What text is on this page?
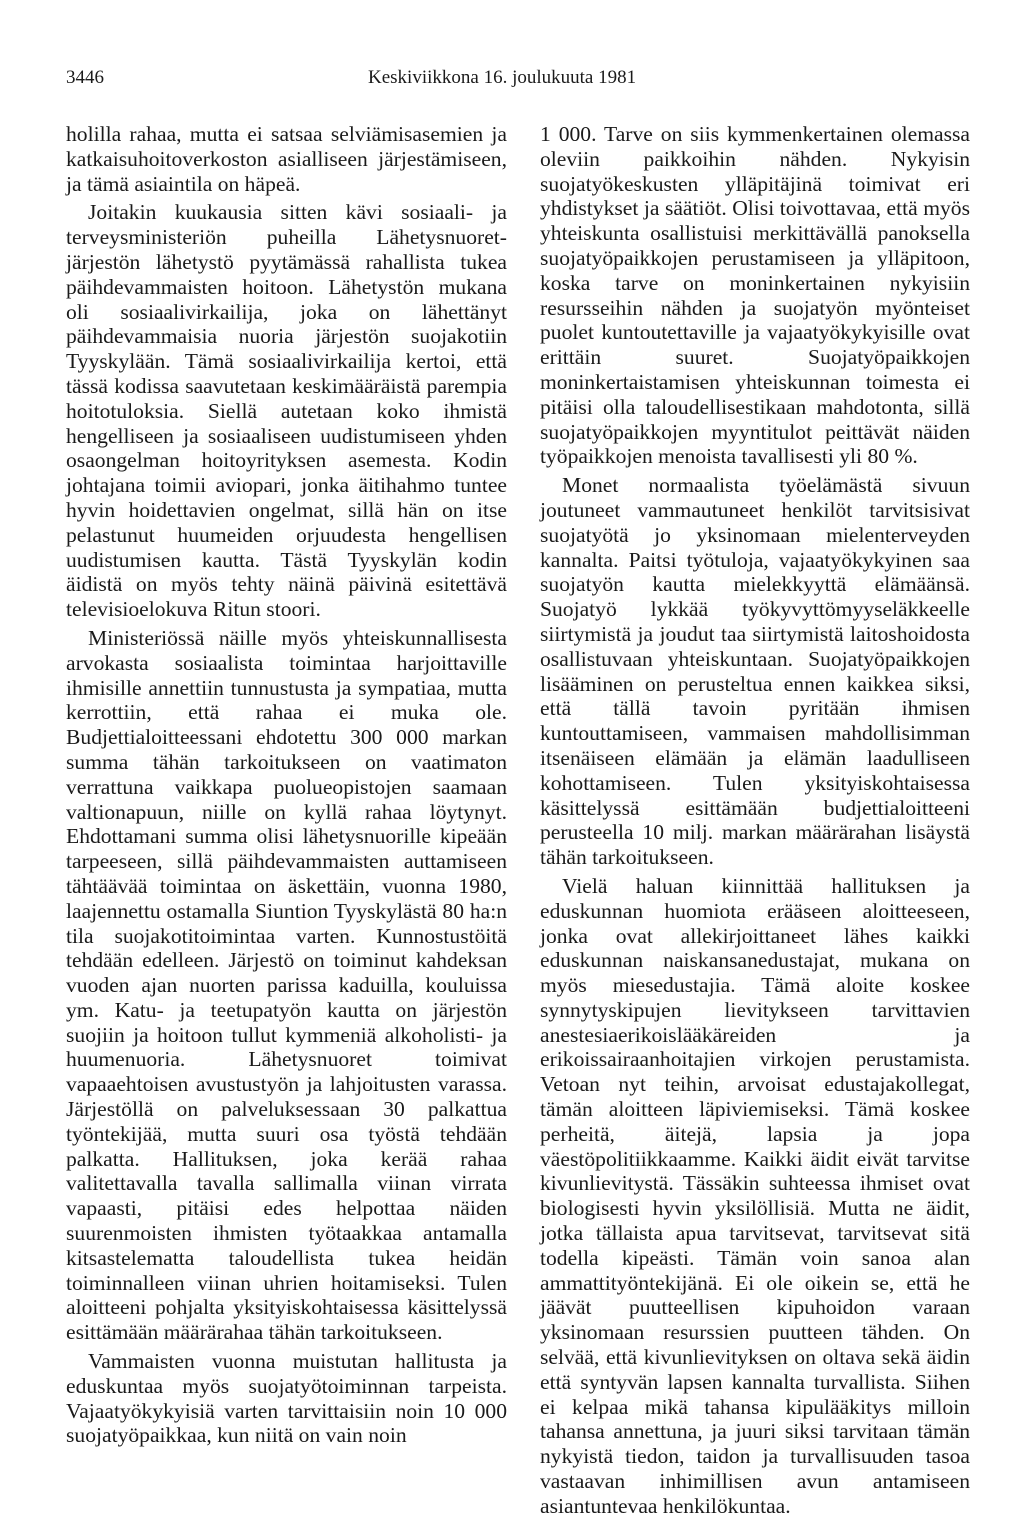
3446	Keskiviikkona 16. joulukuuta 1981

holilla rahaa, mutta ei satsaa selviämisasemien ja katkaisuhoitoverkoston asialliseen järjestämiseen, ja tämä asiaintila on häpeä.

Joitakin kuukausia sitten kävi sosiaali- ja terveysministeriön puheilla Lähetysnuoret-järjestön lähetystö pyytämässä rahallista tukea päihdevammaisten hoitoon. Lähetystön mukana oli sosiaalivirkailija, joka on lähettänyt päihdevammaisia nuoria järjestön suojakotiin Tyyskylään. Tämä sosiaalivirkailija kertoi, että tässä kodissa saavutetaan keskimääräistä parempia hoitotuloksia. Siellä autetaan koko ihmistä hengelliseen ja sosiaaliseen uudistumiseen yhden osaongelman hoitoyrityksen asemesta. Kodin johtajana toimii aviopari, jonka äitihahmo tuntee hyvin hoidettavien ongelmat, sillä hän on itse pelastunut huumeiden orjuudesta hengellisen uudistumisen kautta. Tästä Tyyskylän kodin äidistä on myös tehty näinä päivinä esitettävä televisioelokuva Ritun stoori.

Ministeriössä näille myös yhteiskunnallisesta arvokasta sosiaalista toimintaa harjoittaville ihmisille annettiin tunnustusta ja sympatiaa, mutta kerrottiin, että rahaa ei muka ole. Budjettialoitteessani ehdotettu 300 000 markan summa tähän tarkoitukseen on vaatimaton verrattuna vaikkapa puolueopistojen saamaan valtionapuun, niille on kyllä rahaa löytynyt. Ehdottamani summa olisi lähetysnuorille kipeään tarpeeseen, sillä päihdevammaisten auttamiseen tähtäävää toimintaa on äskettäin, vuonna 1980, laajennettu ostamalla Siuntion Tyyskylästä 80 ha:n tila suojakotitoimintaa varten. Kunnostustöitä tehdään edelleen. Järjestö on toiminut kahdeksan vuoden ajan nuorten parissa kaduilla, kouluissa ym. Katu- ja teetupatyön kautta on järjestön suojiin ja hoitoon tullut kymmeniä alkoholisti- ja huumenuoria. Lähetysnuoret toimivat vapaaehtoisen avustustyön ja lahjoitusten varassa. Järjestöllä on palveluksessaan 30 palkattua työntekijää, mutta suuri osa työstä tehdään palkatta. Hallituksen, joka kerää rahaa valitettavalla tavalla sallimalla viinan virrata vapaasti, pitäisi edes helpottaa näiden suurenmoisten ihmisten työtaakkaa antamalla kitsastelematta taloudellista tukea heidän toiminnalleen viinan uhrien hoitamiseksi. Tulen aloitteeni pohjalta yksityiskohtaisessa käsittelyssä esittämään määrärahaa tähän tarkoitukseen.

Vammaisten vuonna muistutan hallitusta ja eduskuntaa myös suojatyötoiminnan tarpeista. Vajaatyökykyisiä varten tarvittaisiin noin 10 000 suojatyöpaikkaa, kun niitä on vain noin

1 000. Tarve on siis kymmenkertainen olemassa oleviin paikkoihin nähden. Nykyisin suojatyökeskusten ylläpitäjinä toimivat eri yhdistykset ja säätiöt. Olisi toivottavaa, että myös yhteiskunta osallistuisi merkittävällä panoksella suojatyöpaikkojen perustamiseen ja ylläpitoon, koska tarve on moninkertainen nykyisiin resursseihin nähden ja suojatyön myönteiset puolet kuntoutettaville ja vajaatyökykyisille ovat erittäin suuret. Suojatyöpaikkojen moninkertaistamisen yhteiskunnan toimesta ei pitäisi olla taloudellisestikaan mahdotonta, sillä suojatyöpaikkojen myyntitulot peittävät näiden työpaikkojen menoista tavallisesti yli 80 %.

Monet normaalista työelämästä sivuun joutuneet vammautuneet henkilöt tarvitsisivat suojatyötä jo yksinomaan mielenterveyden kannalta. Paitsi työtuloja, vajaatyökykyinen saa suojatyön kautta mielekkyyttä elämäänsä. Suojatyö lykkää työkyvyttömyyseläkkeelle siirtymistä ja joudut taa siirtymistä laitoshoidosta osallistuvaan yhteiskuntaan. Suojatyöpaikkojen lisääminen on perusteltua ennen kaikkea siksi, että tällä tavoin pyritään ihmisen kuntouttamiseen, vammaisen mahdollisimman itsenäiseen elämään ja elämän laadulliseen kohottamiseen. Tulen yksityiskohtaisessa käsittelyssä esittämään budjettialoitteeni perusteella 10 milj. markan määrärahan lisäystä tähän tarkoitukseen.

Vielä haluan kiinnittää hallituksen ja eduskunnan huomiota erääseen aloitteeseen, jonka ovat allekirjoittaneet lähes kaikki eduskunnan naiskansanedustajat, mukana on myös miesedustajia. Tämä aloite koskee synnytyskipujen lievitykseen tarvittavien anestesiaerikoislääkäreiden ja erikoissairaanhoitajien virkojen perustamista. Vetoan nyt teihin, arvoisat edustajakollegat, tämän aloitteen läpiviemiseksi. Tämä koskee perheitä, äitejä, lapsia ja jopa väestöpolitiikkaamme. Kaikki äidit eivät tarvitse kivunlievitystä. Tässäkin suhteessa ihmiset ovat biologisesti hyvin yksilöllisiä. Mutta ne äidit, jotka tällaista apua tarvitsevat, tarvitsevat sitä todella kipeästi. Tämän voin sanoa alan ammattityöntekijänä. Ei ole oikein se, että he jäävät puutteellisen kipuhoidon varaan yksinomaan resurssien puutteen tähden. On selvää, että kivunlievityksen on oltava sekä äidin että syntyvän lapsen kannalta turvallista. Siihen ei kelpaa mikä tahansa kipulääkitys milloin tahansa annettuna, ja juuri siksi tarvitaan tämän nykyistä tiedon, taidon ja turvallisuuden tasoa vastaavan inhimillisen avun antamiseen asiantuntevaa henkilökuntaa.
